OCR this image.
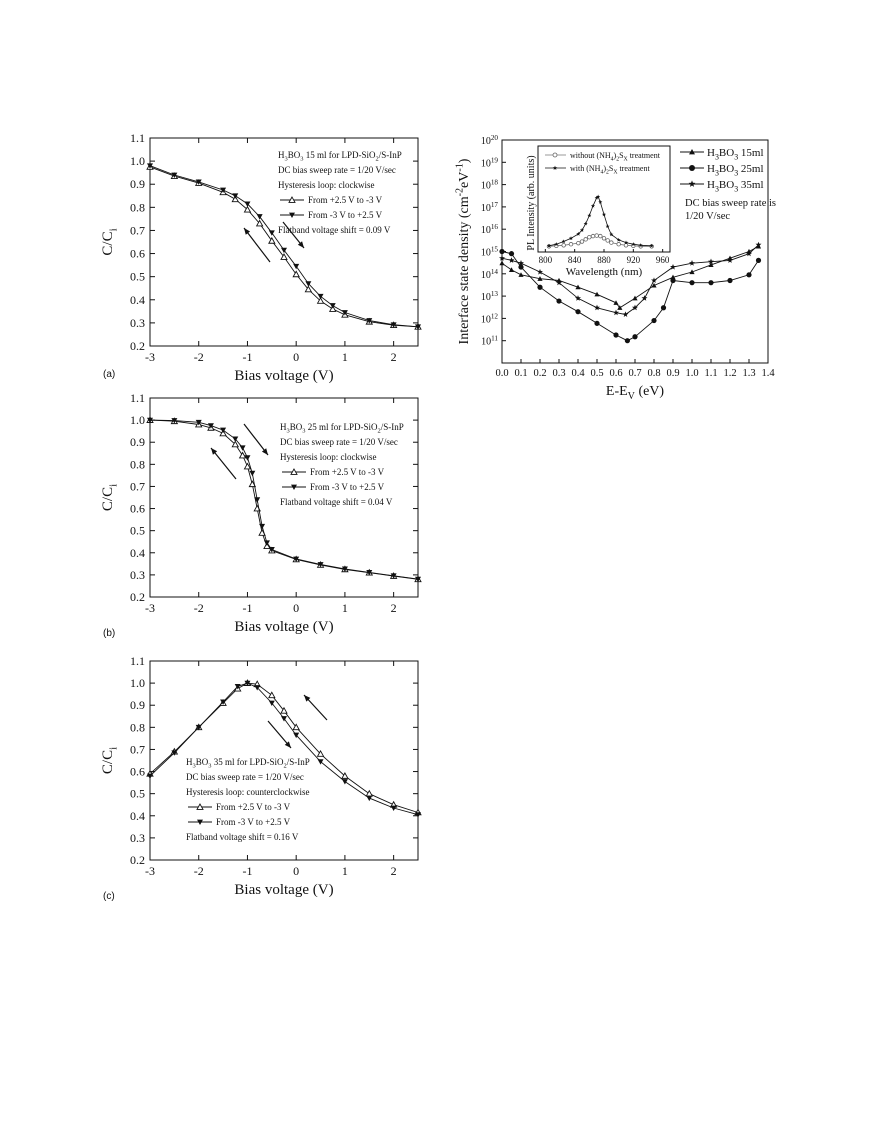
-3	-2	-1	0	1	2
0.2
0.3
0.4
0.5
0.6
0.7
0.8
0.9
1.0
1.1
Bias voltage (V)
$C/C_i$
$H_3BO_3$ 15 ml for LPD-SiO$_2$/S-InP
DC bias sweep rate = 1/20 V/sec
Hysteresis loop: clockwise
From +2.5 V to -3 V
From -3 V to +2.5 V
Flatband voltage shift = 0.09 V
-3	-2	-1	0	1	2
0.2
0.3
0.4
0.5
0.6
0.7
0.8
0.9
1.0
1.1
Bias voltage (V)
$C/C_i$
$H_3BO_3$ 25 ml for LPD-SiO$_2$/S-InP
DC bias sweep rate = 1/20 V/sec
Hysteresis loop: clockwise
From +2.5 V to -3 V
From -3 V to +2.5 V
Flatband voltage shift = 0.04 V
-3	-2	-1	0	1	2
0.2
0.3
0.4
0.5
0.6
0.7
0.8
0.9
1.0
1.1
Bias voltage (V)
$C/C_i$
$H_3BO_3$ 35 ml for LPD-SiO$_2$/S-InP
DC bias sweep rate = 1/20 V/sec
Hysteresis loop: counterclockwise
From +2.5 V to -3 V
From -3 V to +2.5 V
Flatband voltage shift = 0.16 V
0.0 0.1 0.2 0.3 0.4 0.5 0.6 0.7 0.8 0.9 1.0 1.1 1.2 1.3 1.4
$10^{11}$
$10^{12}$
$10^{13}$
$10^{14}$
$10^{15}$
$10^{16}$
$10^{17}$
$10^{18}$
$10^{19}$
$10^{20}$
$E-E_V$ (eV)
Interface state density $(cm^{-2}eV^{-1})$
$H_3BO_3$ 15ml
$H_3BO_3$ 25ml
$H_3BO_3$ 35ml
DC bias sweep rate is 1/20 V/sec
800 840 880 920 960
Wavelength (nm)
PL Intensity (arb. units)	without $(NH_4)_2S_X$ treatment
with $(NH_4)_2S_X$ treatment
(a)
(b)
(c)
